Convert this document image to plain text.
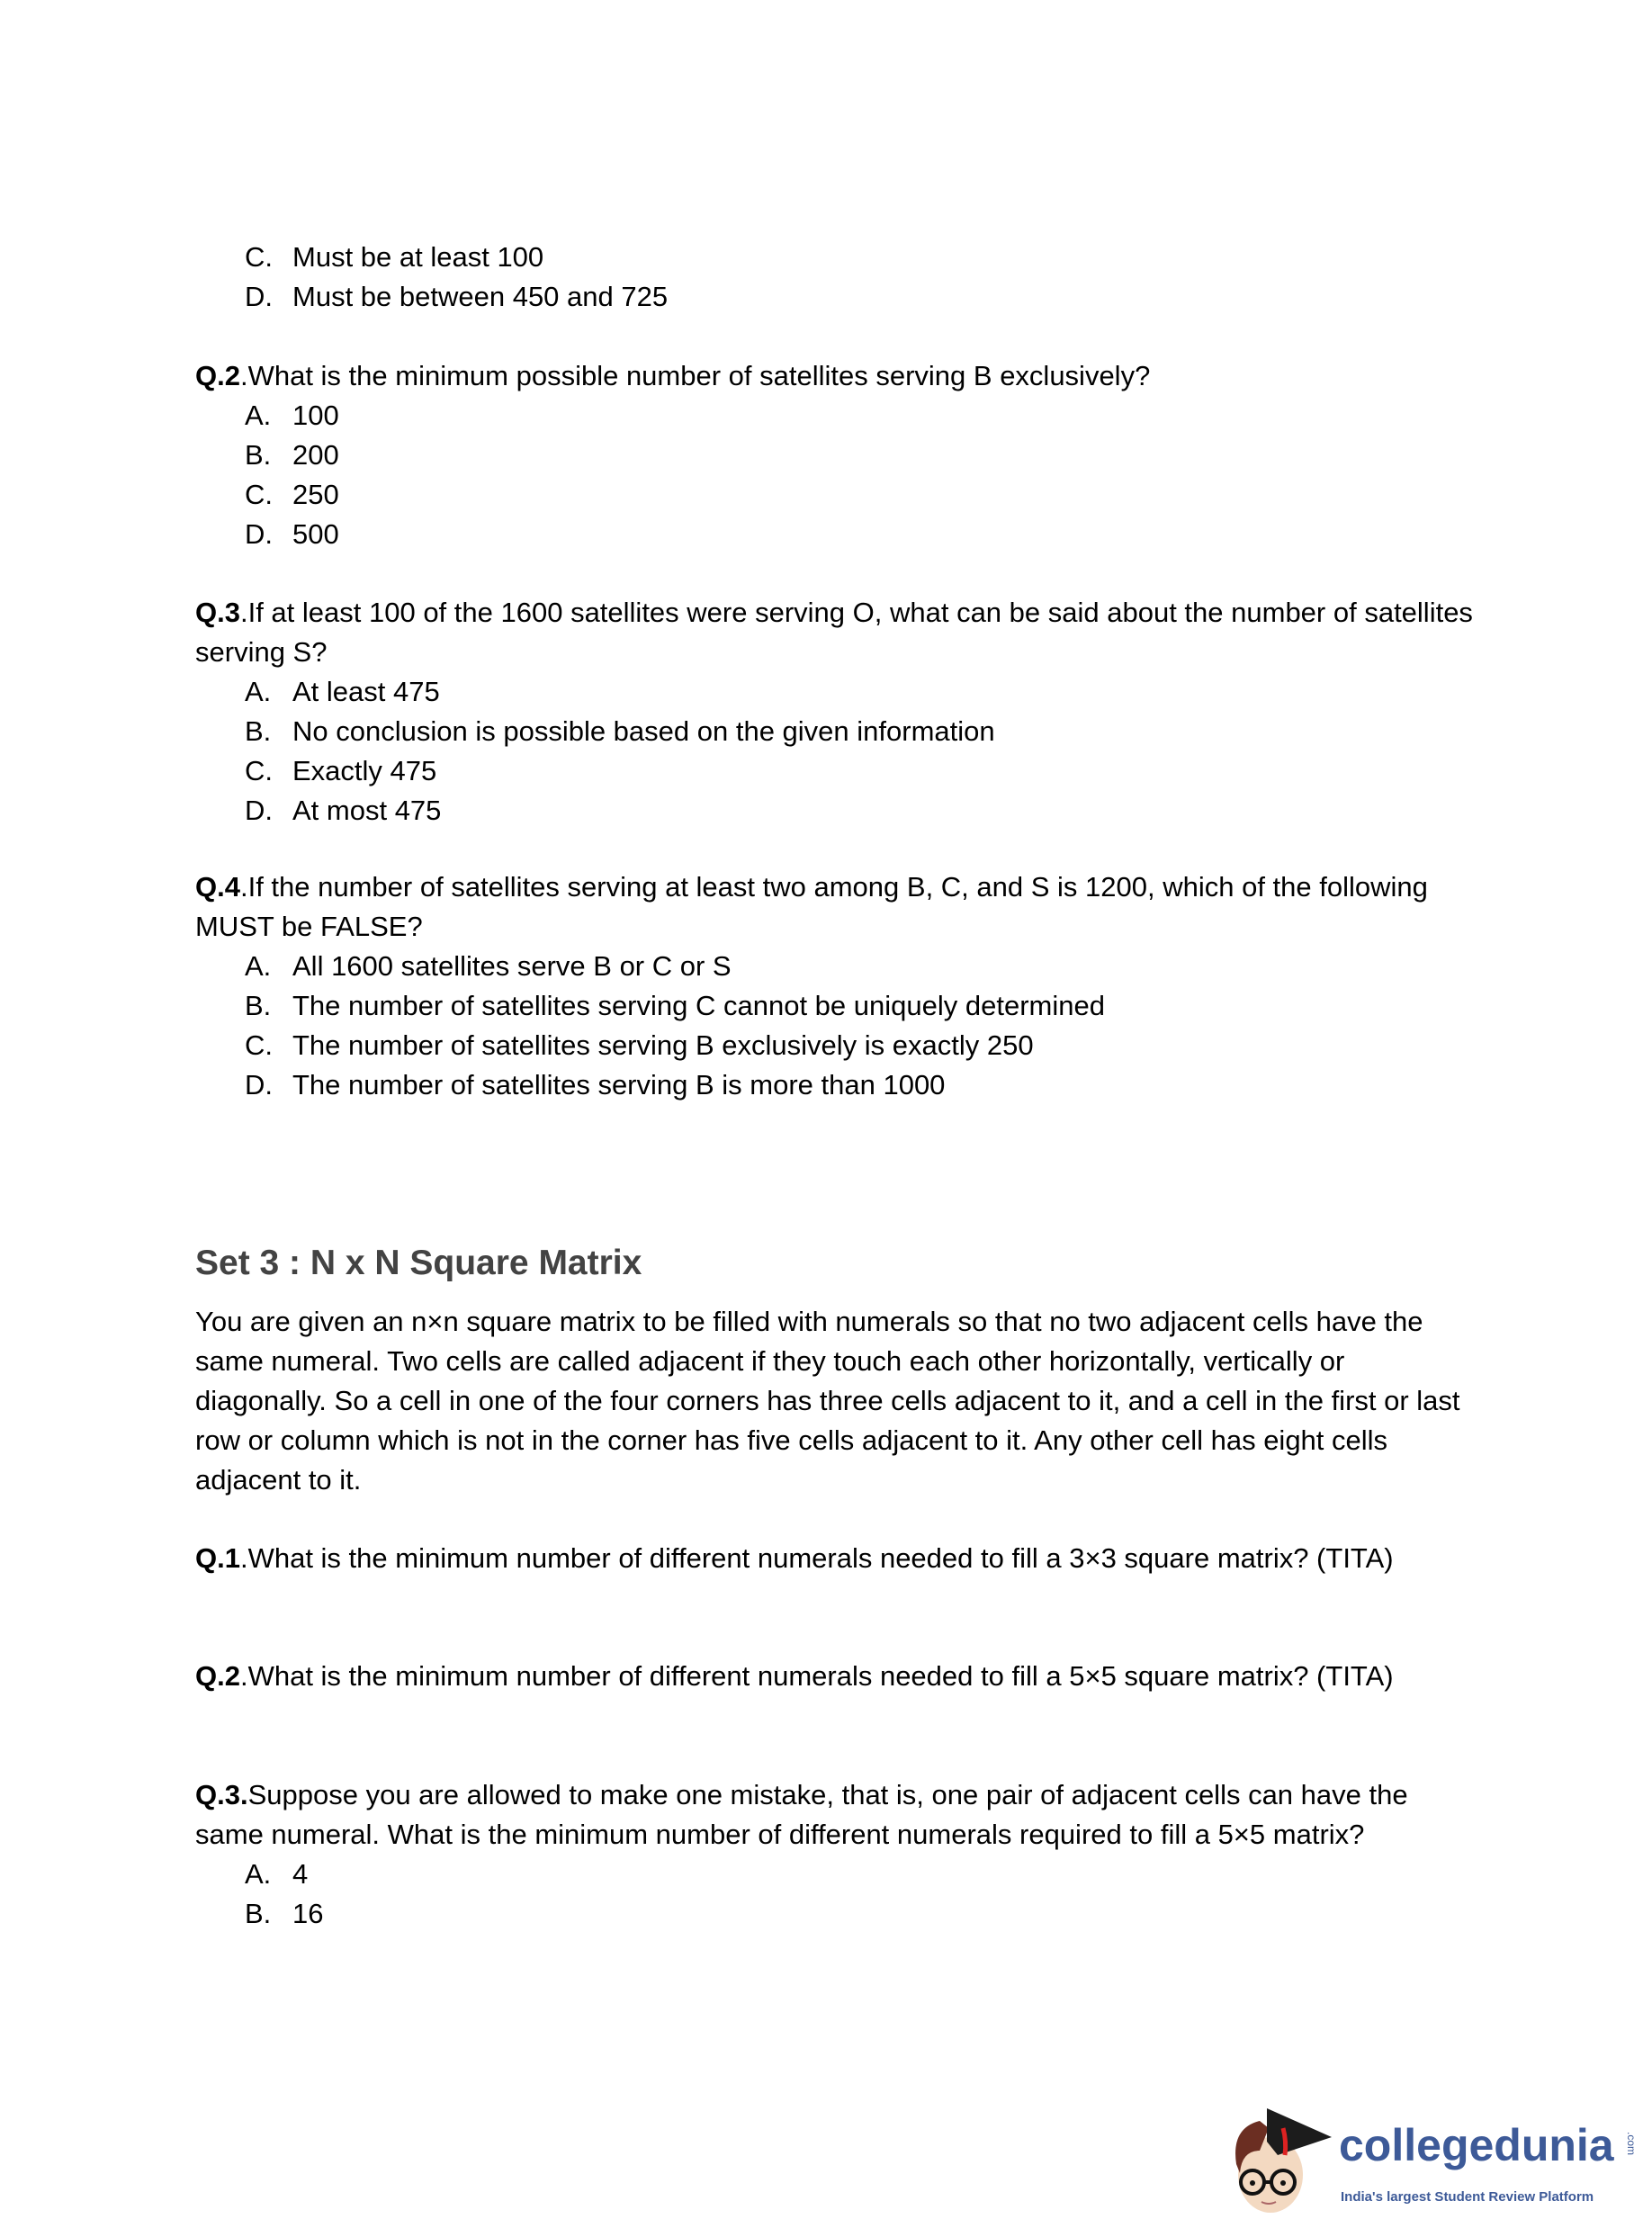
C. Must be at least 100
D. Must be between 450 and 725
Q.2.What is the minimum possible number of satellites serving B exclusively?
A. 100
B. 200
C. 250
D. 500
Q.3.If at least 100 of the 1600 satellites were serving O, what can be said about the number of satellites serving S?
A. At least 475
B. No conclusion is possible based on the given information
C. Exactly 475
D. At most 475
Q.4.If the number of satellites serving at least two among B, C, and S is 1200, which of the following MUST be FALSE?
A. All 1600 satellites serve B or C or S
B. The number of satellites serving C cannot be uniquely determined
C. The number of satellites serving B exclusively is exactly 250
D. The number of satellites serving B is more than 1000
Set 3 : N x N Square Matrix
You are given an n×n square matrix to be filled with numerals so that no two adjacent cells have the same numeral. Two cells are called adjacent if they touch each other horizontally, vertically or diagonally. So a cell in one of the four corners has three cells adjacent to it, and a cell in the first or last row or column which is not in the corner has five cells adjacent to it. Any other cell has eight cells adjacent to it.
Q.1.What is the minimum number of different numerals needed to fill a 3×3 square matrix? (TITA)
Q.2.What is the minimum number of different numerals needed to fill a 5×5 square matrix? (TITA)
Q.3.Suppose you are allowed to make one mistake, that is, one pair of adjacent cells can have the same numeral. What is the minimum number of different numerals required to fill a 5×5 matrix?
A. 4
B. 16
collegedunia .com
India's largest Student Review Platform
